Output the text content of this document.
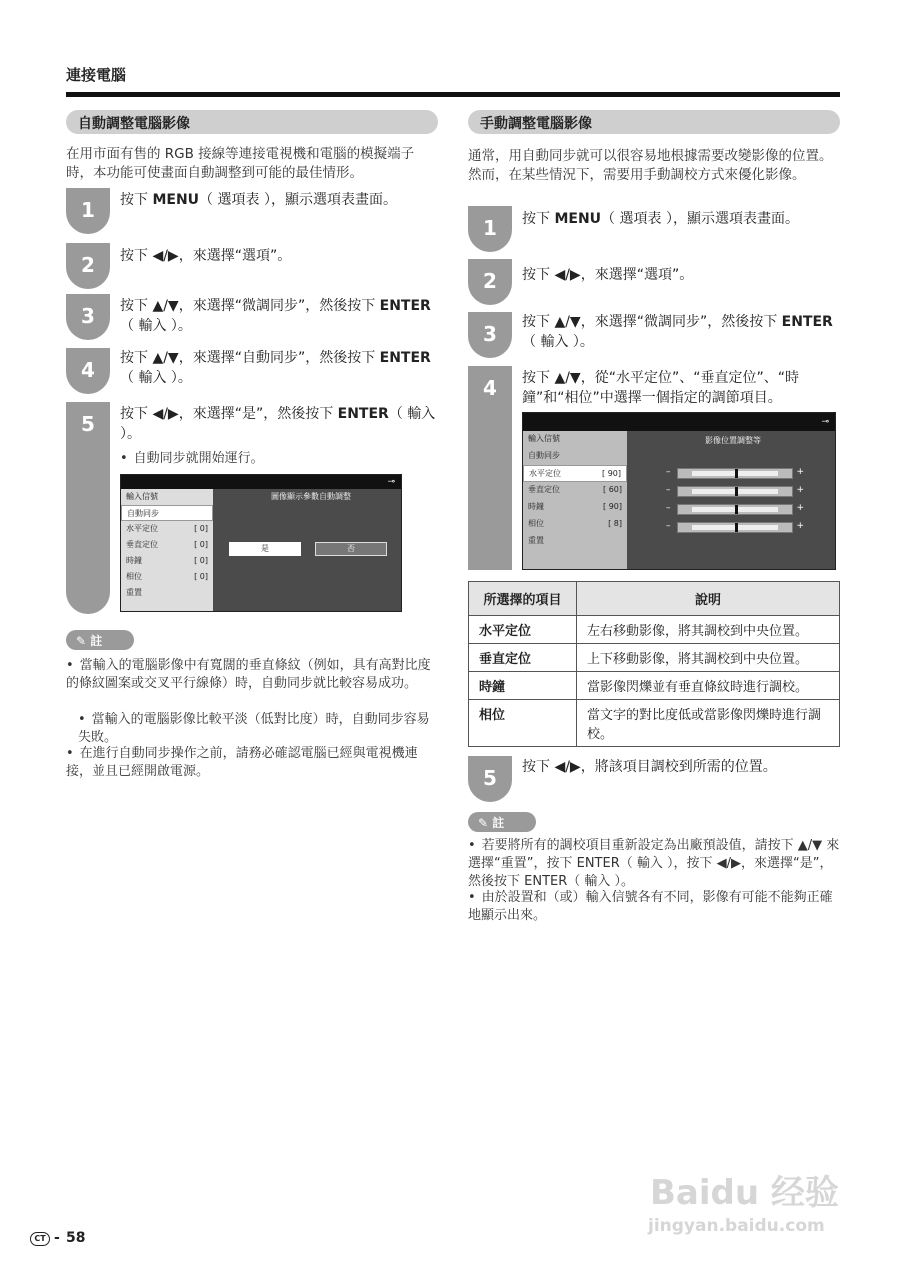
連接電腦
自動調整電腦影像
在用市面有售的 RGB 接線等連接電視機和電腦的模擬端子時，本功能可使畫面自動調整到可能的最佳情形。
1	按下 MENU（ 選項表 ），顯示選項表畫面。
2	按下 ◀/▶，來選擇“選項”。
3	按下 ▲/▼，來選擇“微調同步”，然後按下 ENTER（ 輸入 ）。
4	按下 ▲/▼，來選擇“自動同步”，然後按下 ENTER（ 輸入 ）。
5	按下 ◀/▶，來選擇“是”，然後按下 ENTER（ 輸入 ）。
• 自動同步就開始運行。
⊸
輸入信號
自動同步
水平定位	[ 0]
垂直定位	[ 0]
時鐘	[ 0]
相位	[ 0]
重置
圖像顯示參數自動調整
是	否
✎ 註
• 當輸入的電腦影像中有寬闊的垂直條紋（例如，具有高對比度的條紋圖案或交叉平行線條）時，自動同步就比較容易成功。
• 當輸入的電腦影像比較平淡（低對比度）時，自動同步容易失敗。
• 在進行自動同步操作之前，請務必確認電腦已經與電視機連接，並且已經開啟電源。
手動調整電腦影像
通常，用自動同步就可以很容易地根據需要改變影像的位置。然而，在某些情況下，需要用手動調校方式來優化影像。
1	按下 MENU（ 選項表 ），顯示選項表畫面。
2	按下 ◀/▶，來選擇“選項”。
3	按下 ▲/▼，來選擇“微調同步”，然後按下 ENTER（ 輸入 ）。
4	按下 ▲/▼，從“水平定位”、“垂直定位”、“時鐘”和“相位”中選擇一個指定的調節項目。
⊸
輸入信號
自動同步
水平定位	[ 90]
垂直定位	[ 60]
時鐘	[ 90]
相位	[ 8]
重置
影像位置調整等
–	+
–	+
–	+
–	+
所選擇的項目	說明
水平定位	左右移動影像，將其調校到中央位置。
垂直定位	上下移動影像，將其調校到中央位置。
時鐘	當影像閃爍並有垂直條紋時進行調校。
相位	當文字的對比度低或當影像閃爍時進行調校。
5	按下 ◀/▶，將該項目調校到所需的位置。
✎ 註
• 若要將所有的調校項目重新設定為出廠預設值，請按下 ▲/▼ 來選擇“重置”，按下 ENTER（ 輸入 ），按下 ◀/▶，來選擇“是”，然後按下 ENTER（ 輸入 ）。
• 由於設置和（或）輸入信號各有不同，影像有可能不能夠正確地顯示出來。
Baidu 经验
jingyan.baidu.com
CT - 58
